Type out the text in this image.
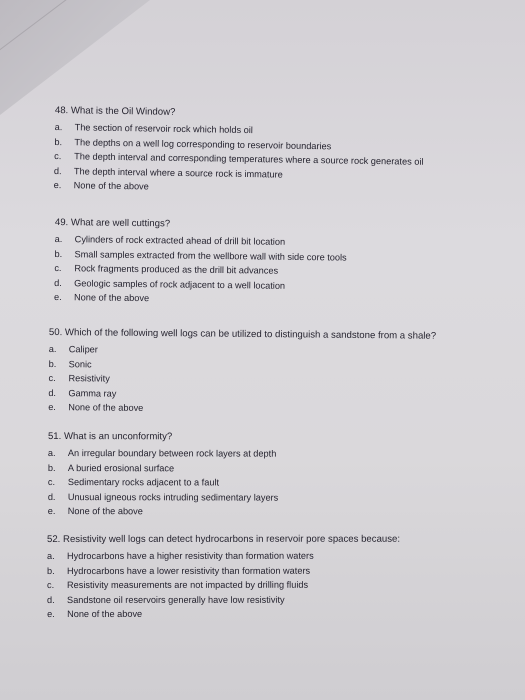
48. What is the Oil Window?

a.	The section of reservoir rock which holds oil
b.	The depths on a well log corresponding to reservoir boundaries
c.	The depth interval and corresponding temperatures where a source rock generates oil
d.	The depth interval where a source rock is immature
e.	None of the above

49. What are well cuttings?

a.	Cylinders of rock extracted ahead of drill bit location
b.	Small samples extracted from the wellbore wall with side core tools
c.	Rock fragments produced as the drill bit advances
d.	Geologic samples of rock adjacent to a well location
e.	None of the above

50. Which of the following well logs can be utilized to distinguish a sandstone from a shale?

a.	Caliper
b.	Sonic
c.	Resistivity
d.	Gamma ray
e.	None of the above

51. What is an unconformity?

a.	An irregular boundary between rock layers at depth
b.	A buried erosional surface
c.	Sedimentary rocks adjacent to a fault
d.	Unusual igneous rocks intruding sedimentary layers
e.	None of the above

52. Resistivity well logs can detect hydrocarbons in reservoir pore spaces because:

a.	Hydrocarbons have a higher resistivity than formation waters
b.	Hydrocarbons have a lower resistivity than formation waters
c.	Resistivity measurements are not impacted by drilling fluids
d.	Sandstone oil reservoirs generally have low resistivity
e.	None of the above
